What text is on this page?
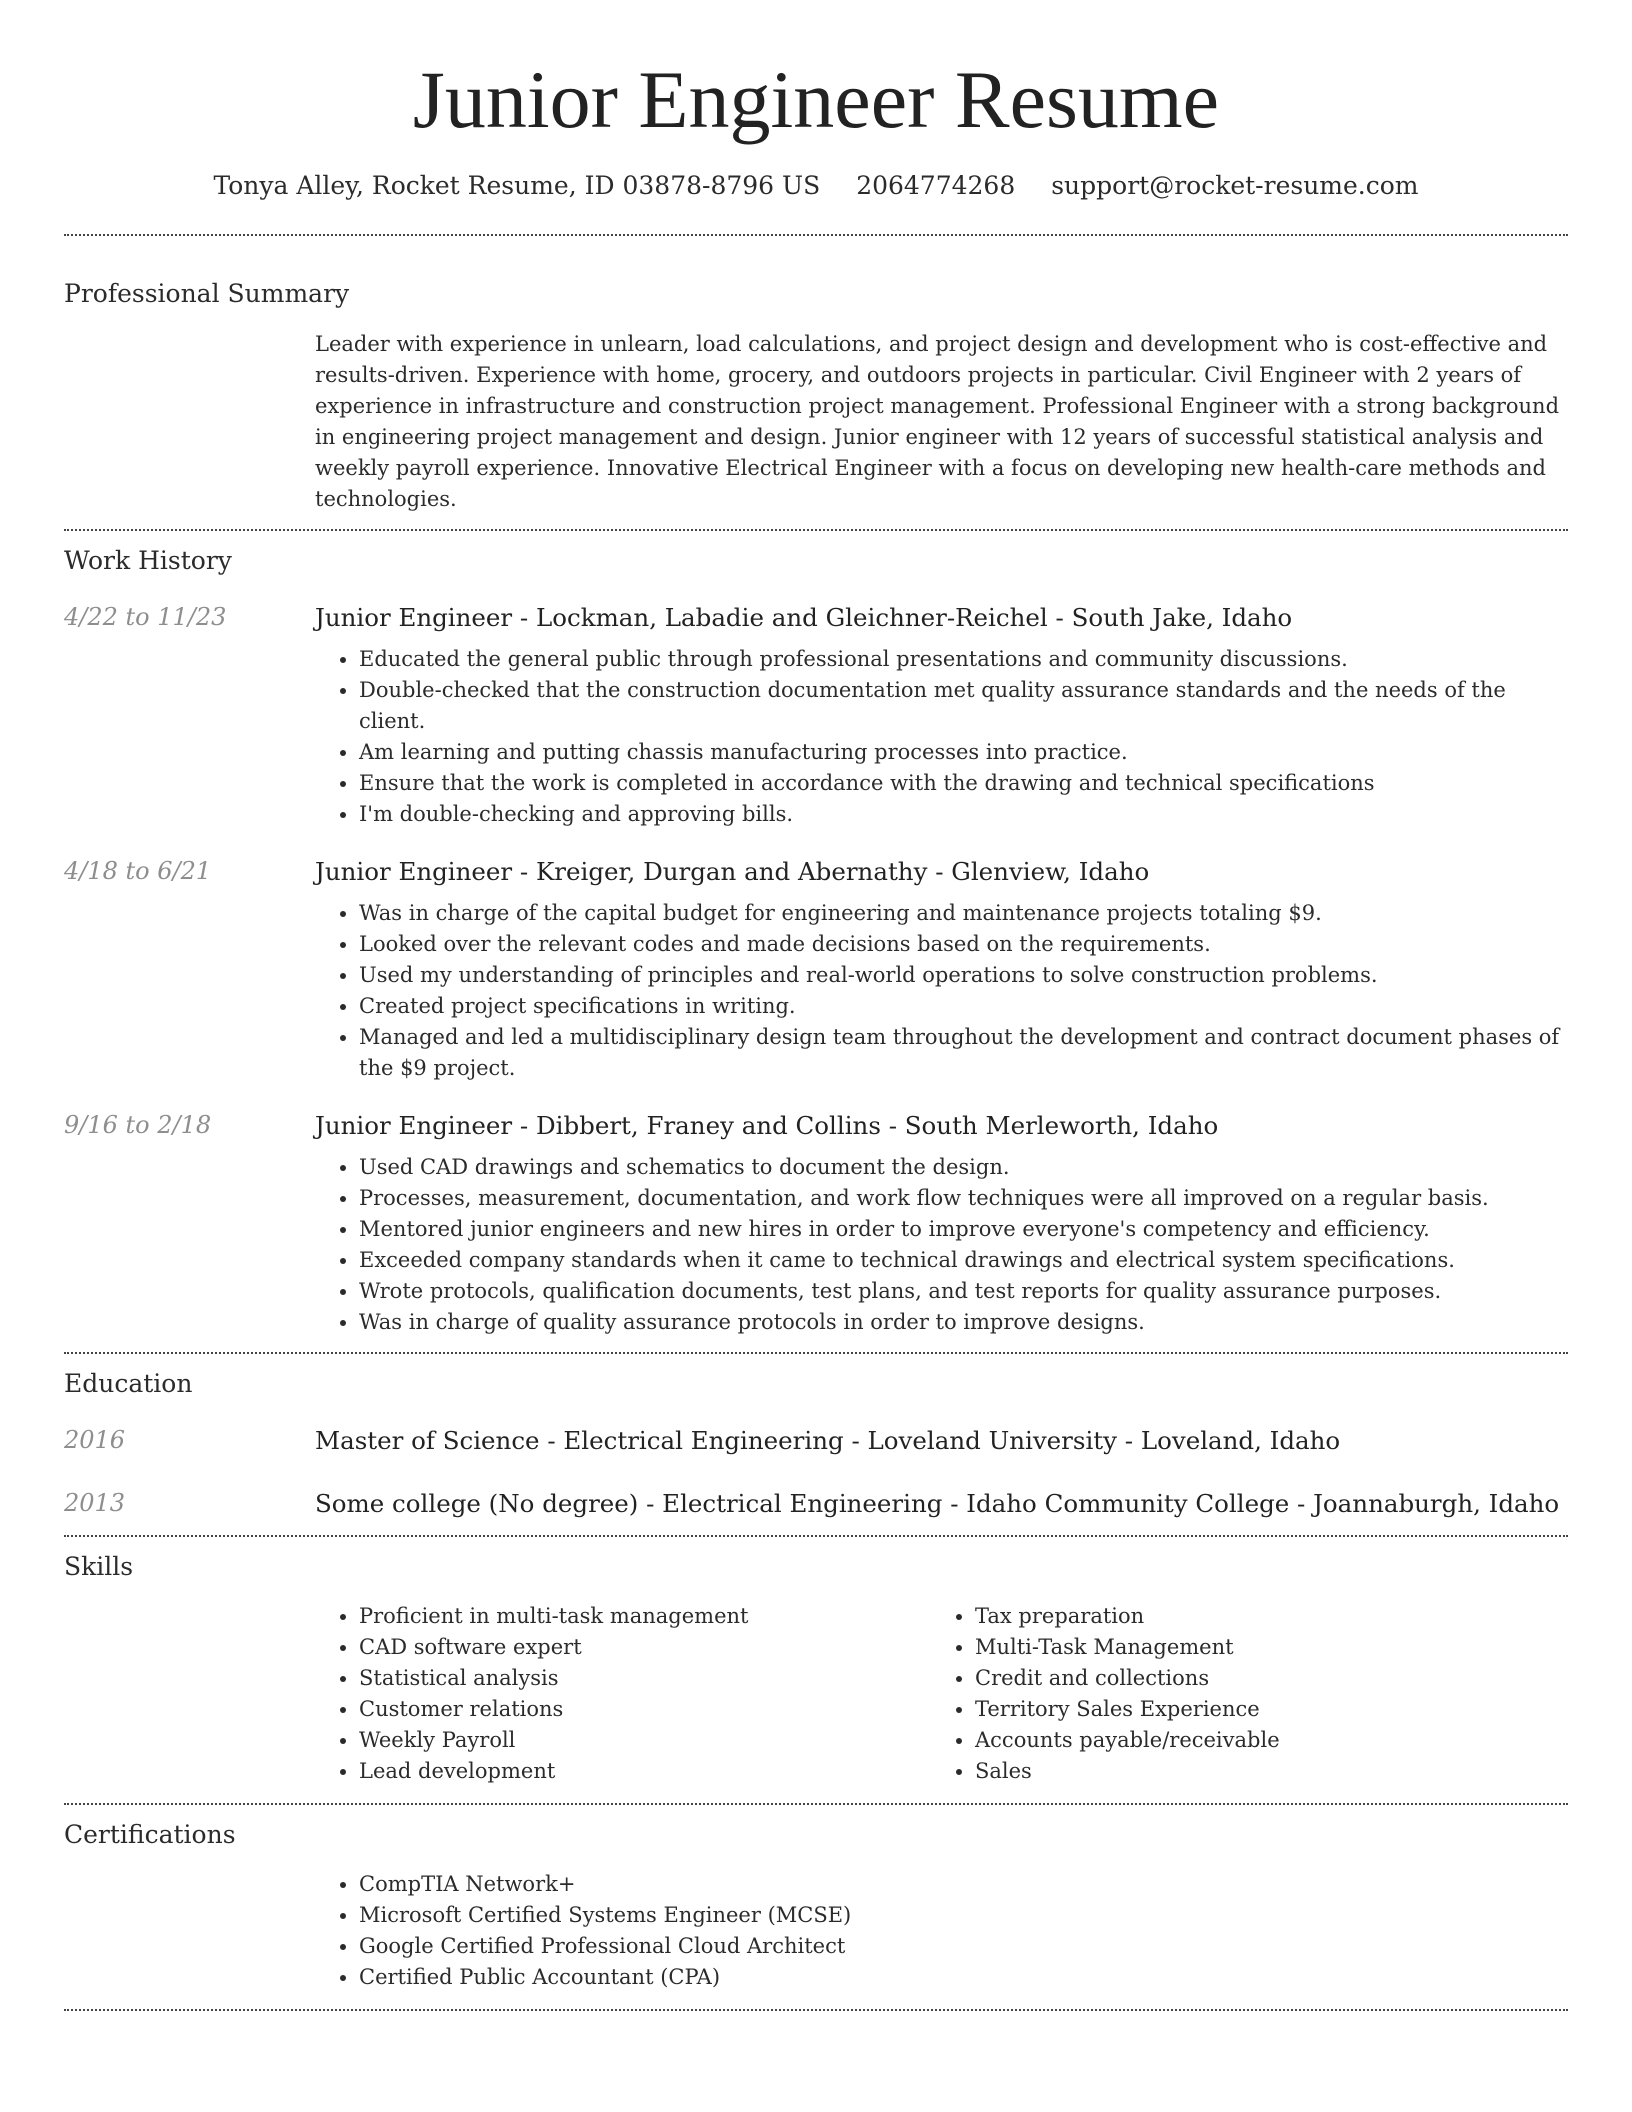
Junior Engineer Resume
Tonya Alley, Rocket Resume, ID 03878-8796 US 2064774268 support@rocket-resume.com
Professional Summary

Leader with experience in unlearn, load calculations, and project design and development who is cost-effective and results-driven. Experience with home, grocery, and outdoors projects in particular. Civil Engineer with 2 years of experience in infrastructure and construction project management. Professional Engineer with a strong background in engineering project management and design. Junior engineer with 12 years of successful statistical analysis and weekly payroll experience. Innovative Electrical Engineer with a focus on developing new health-care methods and technologies.

Work History
4/22 to 11/23	Junior Engineer - Lockman, Labadie and Gleichner-Reichel - South Jake, Idaho
• Educated the general public through professional presentations and community discussions.
• Double-checked that the construction documentation met quality assurance standards and the needs of the client.
• Am learning and putting chassis manufacturing processes into practice.
• Ensure that the work is completed in accordance with the drawing and technical specifications
• I'm double-checking and approving bills.
4/18 to 6/21	Junior Engineer - Kreiger, Durgan and Abernathy - Glenview, Idaho
• Was in charge of the capital budget for engineering and maintenance projects totaling $9.
• Looked over the relevant codes and made decisions based on the requirements.
• Used my understanding of principles and real-world operations to solve construction problems.
• Created project specifications in writing.
• Managed and led a multidisciplinary design team throughout the development and contract document phases of the $9 project.
9/16 to 2/18	Junior Engineer - Dibbert, Franey and Collins - South Merleworth, Idaho
• Used CAD drawings and schematics to document the design.
• Processes, measurement, documentation, and work flow techniques were all improved on a regular basis.
• Mentored junior engineers and new hires in order to improve everyone's competency and efficiency.
• Exceeded company standards when it came to technical drawings and electrical system specifications.
• Wrote protocols, qualification documents, test plans, and test reports for quality assurance purposes.
• Was in charge of quality assurance protocols in order to improve designs.
Education
2016	Master of Science - Electrical Engineering - Loveland University - Loveland, Idaho
2013	Some college (No degree) - Electrical Engineering - Idaho Community College - Joannaburgh, Idaho
Skills
• Proficient in multi-task management
• CAD software expert
• Statistical analysis
• Customer relations
• Weekly Payroll
• Lead development
• Tax preparation
• Multi-Task Management
• Credit and collections
• Territory Sales Experience
• Accounts payable/receivable
• Sales
Certifications
• CompTIA Network+
• Microsoft Certified Systems Engineer (MCSE)
• Google Certified Professional Cloud Architect
• Certified Public Accountant (CPA)
